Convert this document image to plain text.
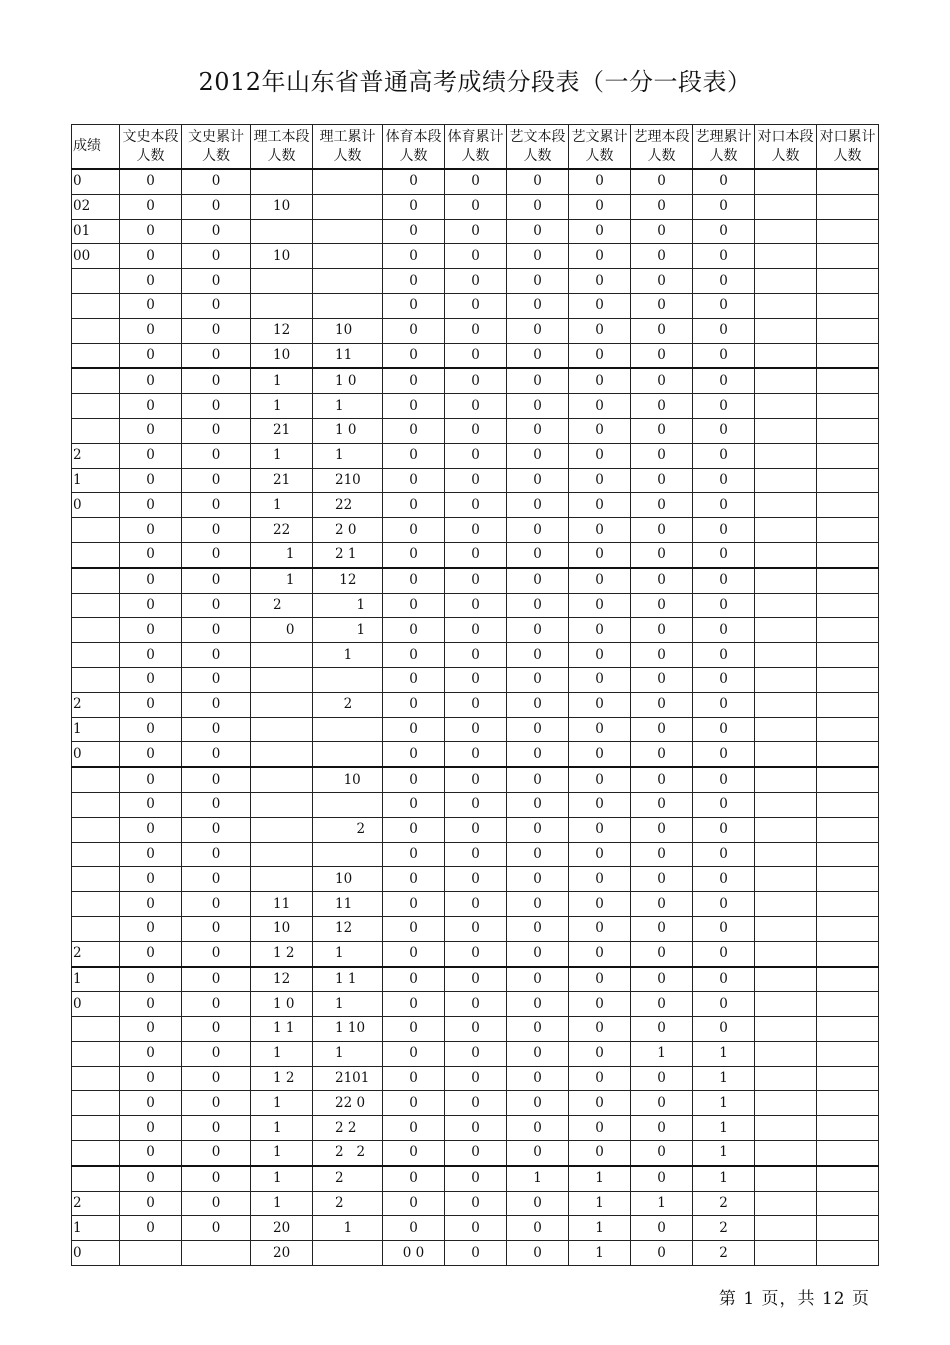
2012年山东省普通高考成绩分段表（一分一段表）
成绩	文史本段人数	文史累计人数	理工本段人数	理工累计人数	体育本段人数	体育累计人数	艺文本段人数	艺文累计人数	艺理本段人数	艺理累计人数	对口本段人数	对口累计人数
0	0	0			0	0	0	0	0	0		
02	0	0	10		0	0	0	0	0	0		
01	0	0			0	0	0	0	0	0		
00	0	0	10		0	0	0	0	0	0		
	0	0			0	0	0	0	0	0		
	0	0			0	0	0	0	0	0		
	0	0	12	10	0	0	0	0	0	0		
	0	0	10	11	0	0	0	0	0	0		
	0	0	1	1 0	0	0	0	0	0	0		
	0	0	1	1	0	0	0	0	0	0		
	0	0	21	1 0	0	0	0	0	0	0		
2	0	0	1	1	0	0	0	0	0	0		
1	0	0	21	210	0	0	0	0	0	0		
0	0	0	1	22	0	0	0	0	0	0		
	0	0	22	2 0	0	0	0	0	0	0		
	0	0	1	2 1	0	0	0	0	0	0		
	0	0	1	12	0	0	0	0	0	0		
	0	0	2	1	0	0	0	0	0	0		
	0	0	0	1	0	0	0	0	0	0		
	0	0		1	0	0	0	0	0	0		
	0	0			0	0	0	0	0	0		
2	0	0		2	0	0	0	0	0	0		
1	0	0			0	0	0	0	0	0		
0	0	0			0	0	0	0	0	0		
	0	0		10	0	0	0	0	0	0		
	0	0			0	0	0	0	0	0		
	0	0		2	0	0	0	0	0	0		
	0	0			0	0	0	0	0	0		
	0	0		10	0	0	0	0	0	0		
	0	0	11	11	0	0	0	0	0	0		
	0	0	10	12	0	0	0	0	0	0		
2	0	0	1 2	1	0	0	0	0	0	0		
1	0	0	12	1 1	0	0	0	0	0	0		
0	0	0	1 0	1	0	0	0	0	0	0		
	0	0	1 1	1 10	0	0	0	0	0	0		
	0	0	1	1	0	0	0	0	1	1		
	0	0	1 2	2101	0	0	0	0	0	1		
	0	0	1	22 0	0	0	0	0	0	1		
	0	0	1	2 2	0	0	0	0	0	1		
	0	0	1	2   2	0	0	0	0	0	1		
	0	0	1	2	0	0	1	1	0	1		
2	0	0	1	2	0	0	0	1	1	2		
1	0	0	20	1	0	0	0	1	0	2		
0			20		0 0	0	0	1	0	2		
第 1 页，共 12 页
